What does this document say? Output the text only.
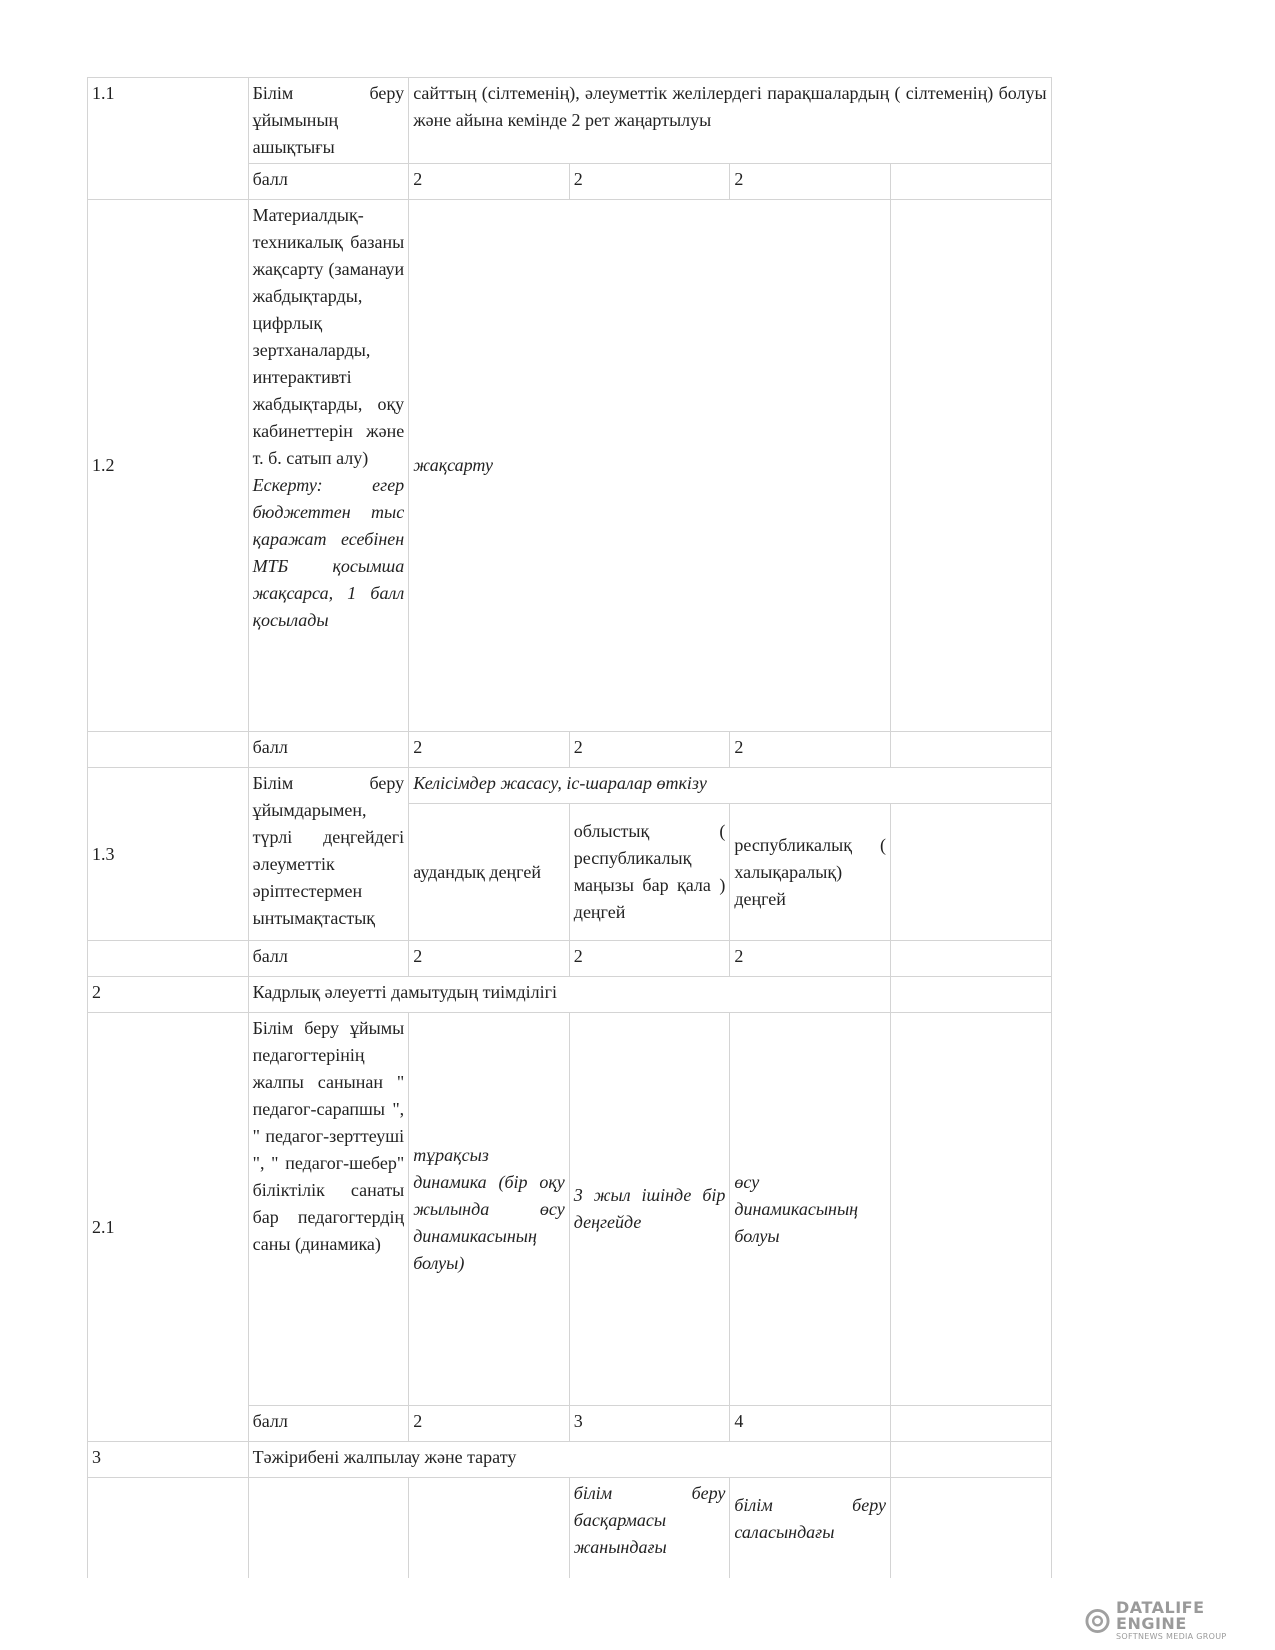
1.1	Білім беру ұйымының ашықтығы	сайттың (сілтеменің), әлеуметтік желілердегі парақшалардың ( сілтеменің) болуы және айына кемінде 2 рет жаңартылуы			
	балл	2	2	2	
1.2	Материалдық-техникалық базаны жақсарту (заманауи жабдықтарды, цифрлық зертханаларды, интерактивті жабдықтарды, оқу кабинеттерін және т. б. сатып алу)
Ескерту: егер бюджеттен тыс қаражат есебінен МТБ қосымша жақсарса, 1 балл қосылады	жақсарту			
	балл	2	2	2	
1.3	Білім беру ұйымдарымен, түрлі деңгейдегі әлеуметтік әріптестермен ынтымақтастық	Келісімдер жасасу, іс-шаралар өткізу			
		аудандық деңгей	облыстық ( республикалық маңызы бар қала ) деңгей	республикалық ( халықаралық) деңгей	
	балл	2	2	2	
2	Кадрлық әлеуетті дамытудың тиімділігі				
2.1	Білім беру ұйымы педагогтерінің жалпы санынан " педагог-сарапшы ", " педагог-зерттеуші ", " педагог-шебер" біліктілік санаты бар педагогтердің саны (динамика)	тұрақсыз динамика (бір оқу жылында өсу динамикасының болуы)	3 жыл ішінде бір деңгейде	өсу динамикасының болуы	
	балл	2	3	4	
3	Тәжірибені жалпылау және тарату				
			білім беру басқармасы жанындағы	білім беру саласындағы	
DATALIFE ENGINE
SOFTNEWS MEDIA GROUP
